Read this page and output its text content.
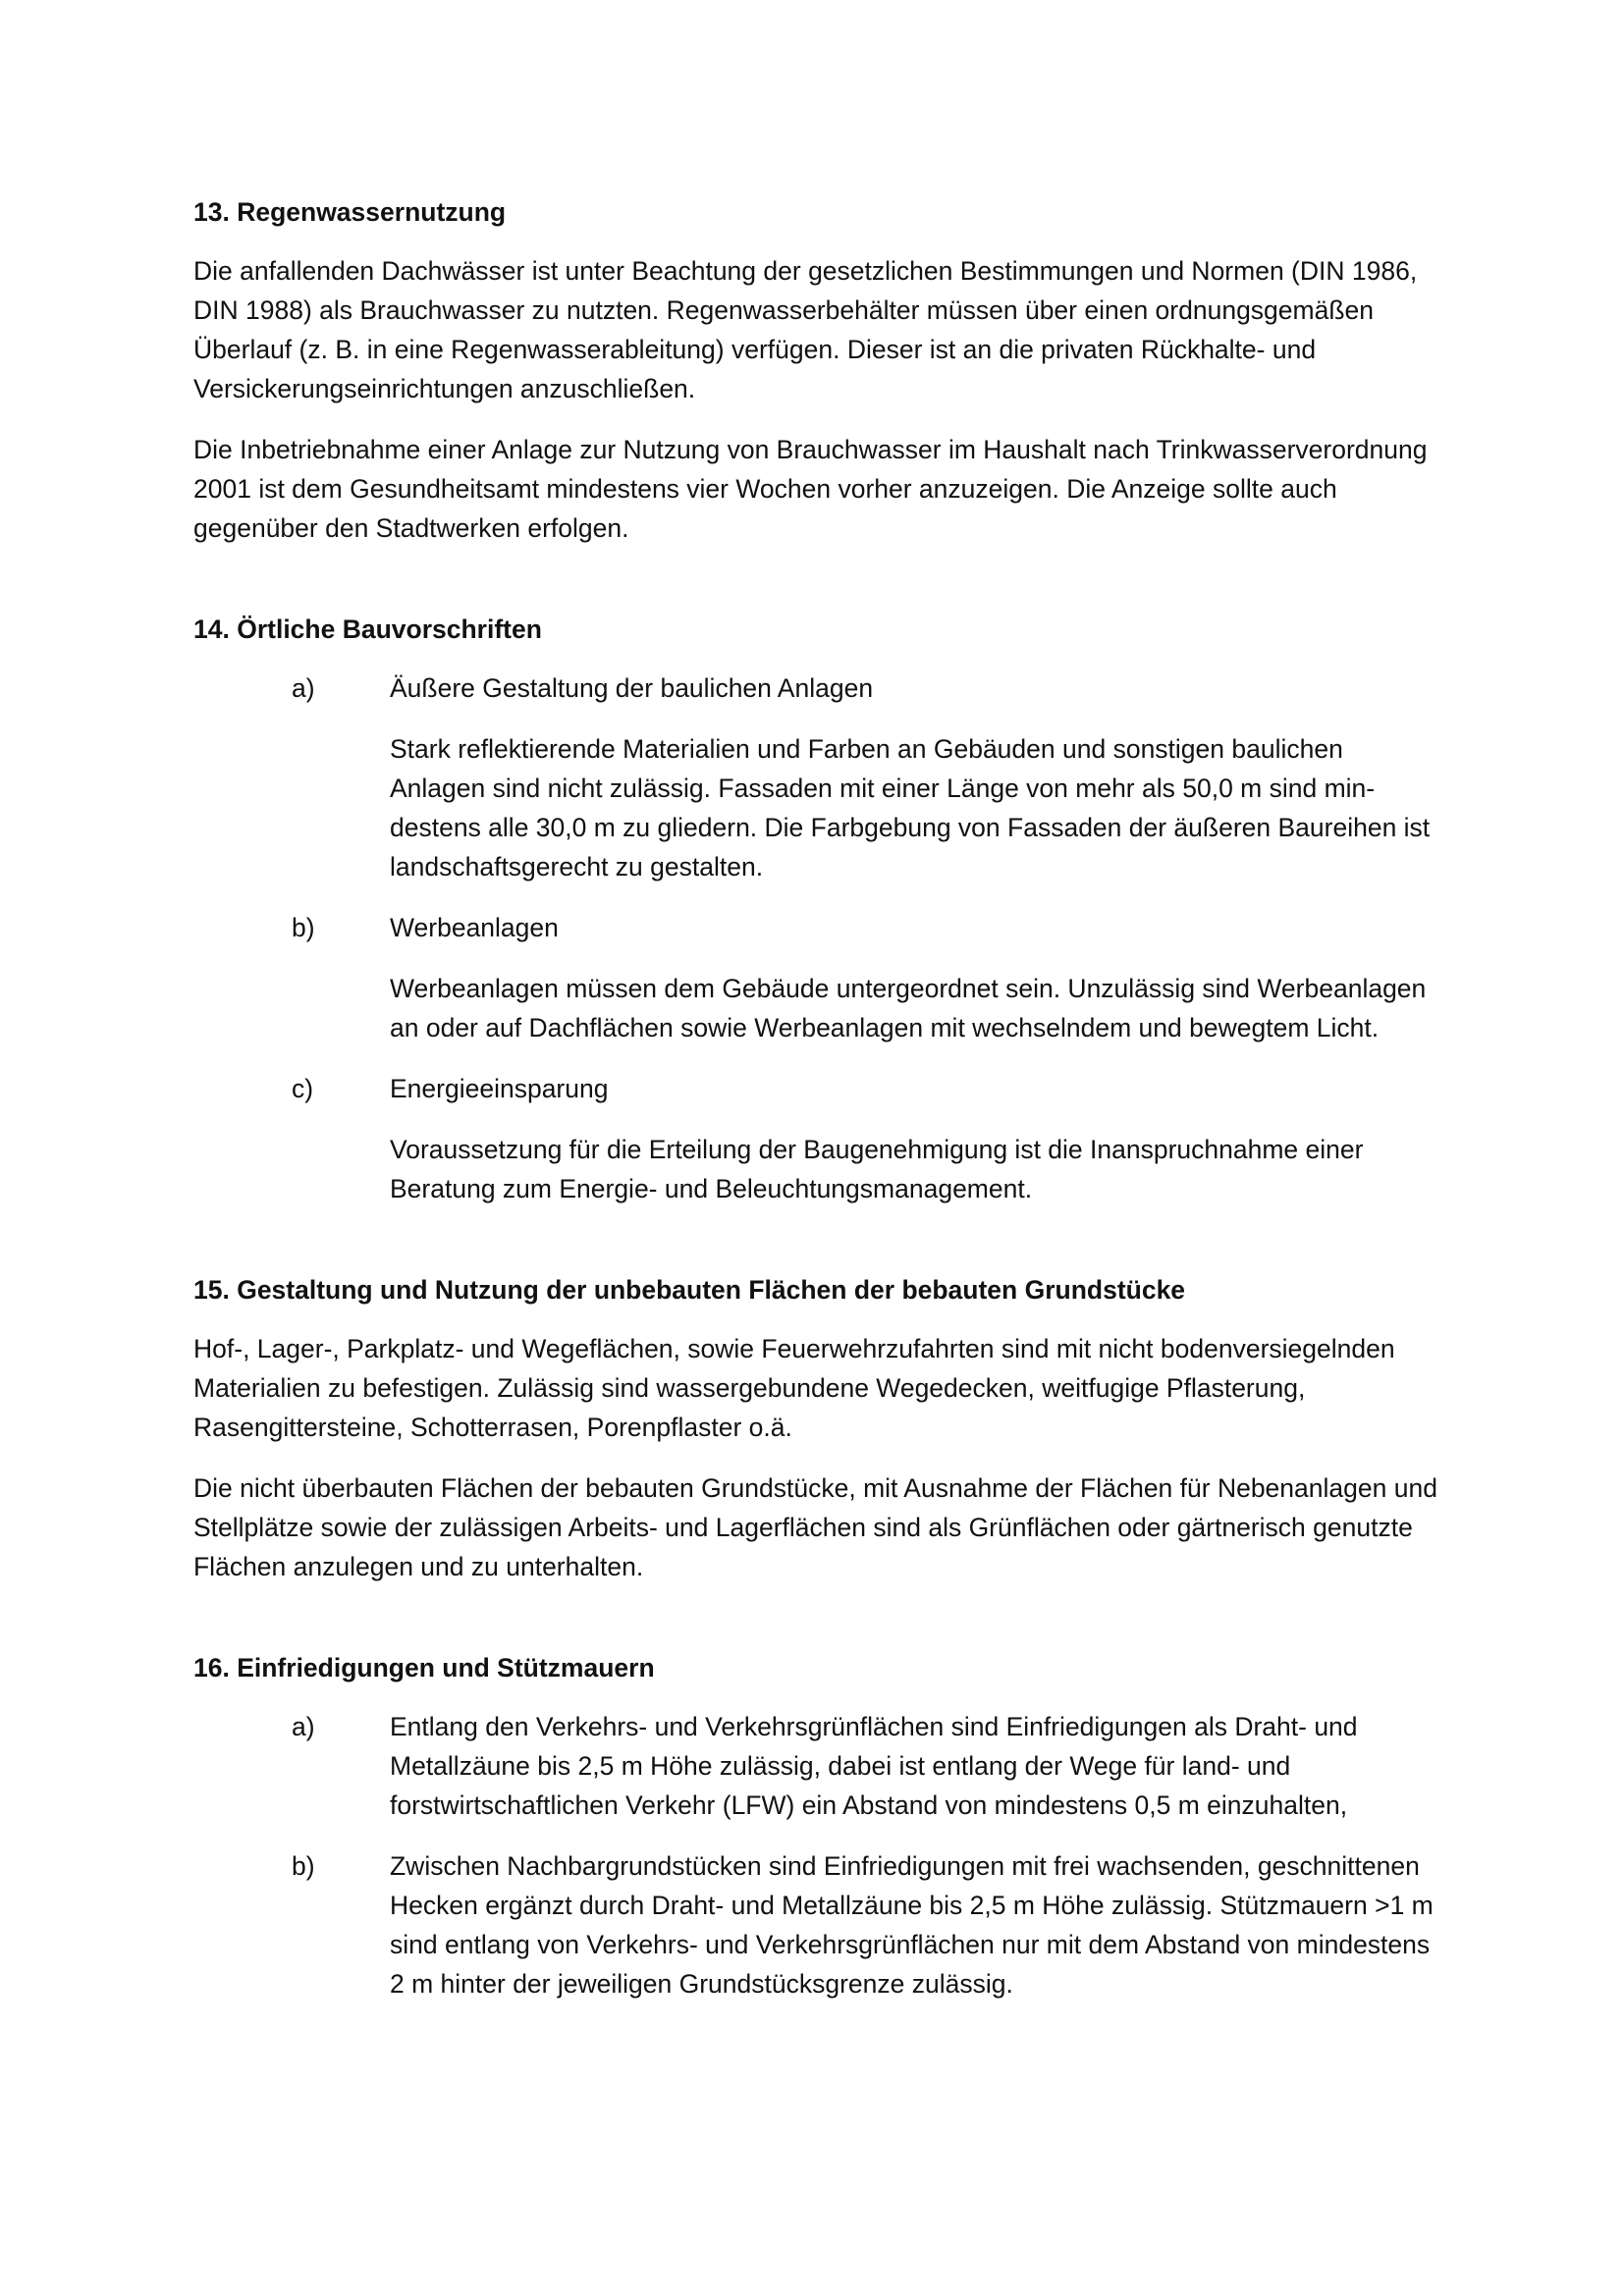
13. Regenwassernutzung

Die anfallenden Dachwässer ist unter Beachtung der gesetzlichen Bestimmungen und Normen (DIN 1986, DIN 1988) als Brauchwasser zu nutzten. Regenwasserbehälter müssen über einen ordnungsgemäßen Überlauf (z. B. in eine Regenwasserableitung) verfügen. Dieser ist an die privaten Rückhalte- und Versickerungseinrichtungen anzuschließen.

Die Inbetriebnahme einer Anlage zur Nutzung von Brauchwasser im Haushalt nach Trinkwasserverordnung 2001 ist dem Gesundheitsamt mindestens vier Wochen vorher anzuzeigen. Die Anzeige sollte auch gegenüber den Stadtwerken erfolgen.

14. Örtliche Bauvorschriften
a)	Äußere Gestaltung der baulichen Anlagen

Stark reflektierende Materialien und Farben an Gebäuden und sonstigen baulichen Anlagen sind nicht zulässig. Fassaden mit einer Länge von mehr als 50,0 m sind min-destens alle 30,0 m zu gliedern. Die Farbgebung von Fassaden der äußeren Baureihen ist landschaftsgerecht zu gestalten.

b)	Werbeanlagen

Werbeanlagen müssen dem Gebäude untergeordnet sein. Unzulässig sind Werbeanlagen an oder auf Dachflächen sowie Werbeanlagen mit wechselndem und bewegtem Licht.

c)	Energieeinsparung

Voraussetzung für die Erteilung der Baugenehmigung ist die Inanspruchnahme einer Beratung zum Energie- und Beleuchtungsmanagement.

15. Gestaltung und Nutzung der unbebauten Flächen der bebauten Grundstücke

Hof-, Lager-, Parkplatz- und Wegeflächen, sowie Feuerwehrzufahrten sind mit nicht bodenversiegelnden Materialien zu befestigen. Zulässig sind wassergebundene Wegedecken, weitfugige Pflasterung, Rasengittersteine, Schotterrasen, Porenpflaster o.ä.

Die nicht überbauten Flächen der bebauten Grundstücke, mit Ausnahme der Flächen für Nebenanlagen und Stellplätze sowie der zulässigen Arbeits- und Lagerflächen sind als Grünflächen oder gärtnerisch genutzte Flächen anzulegen und zu unterhalten.

16. Einfriedigungen und Stützmauern
a)	Entlang den Verkehrs- und Verkehrsgrünflächen sind Einfriedigungen als Draht- und Metallzäune bis 2,5 m Höhe zulässig, dabei ist entlang der Wege für land- und forstwirtschaftlichen Verkehr (LFW) ein Abstand von mindestens 0,5 m einzuhalten,

b)	Zwischen Nachbargrundstücken sind Einfriedigungen mit frei wachsenden, geschnittenen Hecken ergänzt durch Draht- und Metallzäune bis 2,5 m Höhe zulässig. Stützmauern >1 m sind entlang von Verkehrs- und Verkehrsgrünflächen nur mit dem Abstand von mindestens 2 m hinter der jeweiligen Grundstücksgrenze zulässig.
